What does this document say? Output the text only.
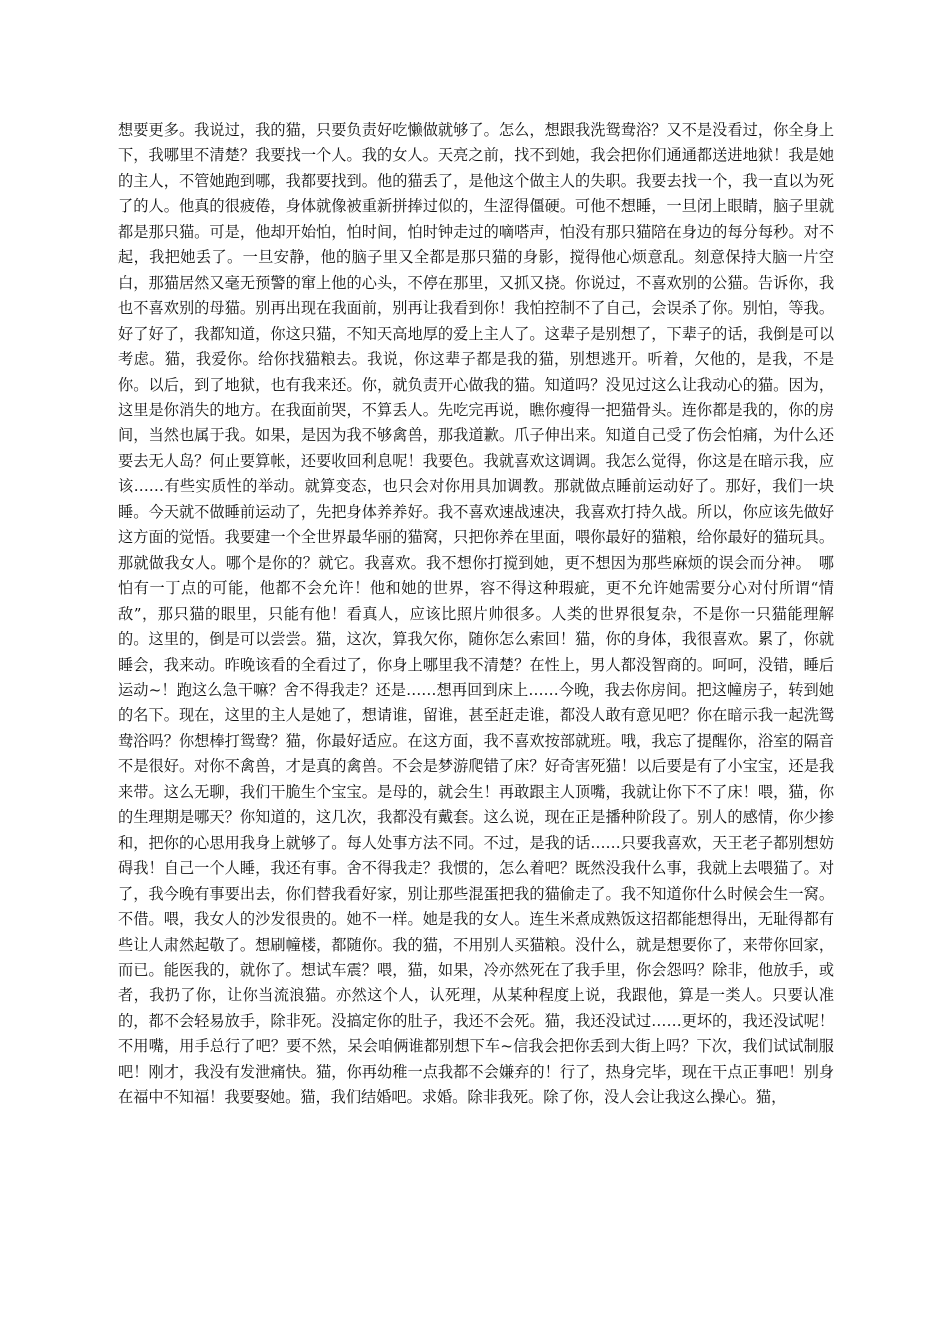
想要更多。我说过，我的猫，只要负责好吃懒做就够了。怎么，想跟我洗鸳鸯浴？又不是没看过，你全身上下，我哪里不清楚？我要找一个人。我的女人。天亮之前，找不到她，我会把你们通通都送进地狱！我是她的主人，不管她跑到哪，我都要找到。他的猫丢了，是他这个做主人的失职。我要去找一个，我一直以为死了的人。他真的很疲倦，身体就像被重新拼捧过似的，生涩得僵硬。可他不想睡，一旦闭上眼睛，脑子里就都是那只猫。可是，他却开始怕，怕时间，怕时钟走过的嘀嗒声，怕没有那只猫陪在身边的每分每秒。对不起，我把她丢了。一旦安静，他的脑子里又全都是那只猫的身影，搅得他心烦意乱。刻意保持大脑一片空白，那猫居然又毫无预警的窜上他的心头，不停在那里，又抓又挠。你说过，不喜欢别的公猫。告诉你，我也不喜欢别的母猫。别再出现在我面前，别再让我看到你！我怕控制不了自己，会误杀了你。别怕，等我。好了好了，我都知道，你这只猫，不知天高地厚的爱上主人了。这辈子是别想了，下辈子的话，我倒是可以考虑。猫，我爱你。给你找猫粮去。我说，你这辈子都是我的猫，别想逃开。听着，欠他的，是我，不是你。以后，到了地狱，也有我来还。你，就负责开心做我的猫。知道吗？没见过这么让我动心的猫。因为，这里是你消失的地方。在我面前哭，不算丢人。先吃完再说，瞧你瘦得一把猫骨头。连你都是我的，你的房间，当然也属于我。如果，是因为我不够禽兽，那我道歉。爪子伸出来。知道自己受了伤会怕痛，为什么还要去无人岛？何止要算帐，还要收回利息呢！我要色。我就喜欢这调调。我怎么觉得，你这是在暗示我，应该……有些实质性的举动。就算变态，也只会对你用具加调教。那就做点睡前运动好了。那好，我们一块睡。今天就不做睡前运动了，先把身体养养好。我不喜欢速战速决，我喜欢打持久战。所以，你应该先做好这方面的觉悟。我要建一个全世界最华丽的猫窝，只把你养在里面，喂你最好的猫粮，给你最好的猫玩具。那就做我女人。哪个是你的？就它。我喜欢。我不想你打搅到她，更不想因为那些麻烦的误会而分神。　哪怕有一丁点的可能，他都不会允许！他和她的世界，容不得这种瑕疵，更不允许她需要分心对付所谓“情敌”，那只猫的眼里，只能有他！看真人，应该比照片帅很多。人类的世界很复杂，不是你一只猫能理解的。这里的，倒是可以尝尝。猫，这次，算我欠你，随你怎么索回！猫，你的身体，我很喜欢。累了，你就睡会，我来动。昨晚该看的全看过了，你身上哪里我不清楚？在性上，男人都没智商的。呵呵，没错，睡后运动~！跑这么急干嘛？舍不得我走？还是……想再回到床上……今晚，我去你房间。把这幢房子，转到她的名下。现在，这里的主人是她了，想请谁，留谁，甚至赶走谁，都没人敢有意见吧？你在暗示我一起洗鸳鸯浴吗？你想棒打鸳鸯？猫，你最好适应。在这方面，我不喜欢按部就班。哦，我忘了提醒你，浴室的隔音不是很好。对你不禽兽，才是真的禽兽。不会是梦游爬错了床？好奇害死猫！以后要是有了小宝宝，还是我来带。这么无聊，我们干脆生个宝宝。是母的，就会生！再敢跟主人顶嘴，我就让你下不了床！喂，猫，你的生理期是哪天？你知道的，这几次，我都没有戴套。这么说，现在正是播种阶段了。别人的感情，你少掺和，把你的心思用我身上就够了。每人处事方法不同。不过，是我的话……只要我喜欢，天王老子都别想妨碍我！自己一个人睡，我还有事。舍不得我走？我惯的，怎么着吧？既然没我什么事，我就上去喂猫了。对了，我今晚有事要出去，你们替我看好家，别让那些混蛋把我的猫偷走了。我不知道你什么时候会生一窝。不借。喂，我女人的沙发很贵的。她不一样。她是我的女人。连生米煮成熟饭这招都能想得出，无耻得都有些让人肃然起敬了。想刷幢楼，都随你。我的猫，不用别人买猫粮。没什么，就是想要你了，来带你回家，而已。能医我的，就你了。想试车震？喂，猫，如果，冷亦然死在了我手里，你会怨吗？除非，他放手，或者，我扔了你，让你当流浪猫。亦然这个人，认死理，从某种程度上说，我跟他，算是一类人。只要认准的，都不会轻易放手，除非死。没搞定你的肚子，我还不会死。猫，我还没试过……更坏的，我还没试呢！不用嘴，用手总行了吧？要不然，呆会咱俩谁都别想下车~信我会把你丢到大街上吗？下次，我们试试制服吧！刚才，我没有发泄痛快。猫，你再幼稚一点我都不会嫌弃的！行了，热身完毕，现在干点正事吧！别身在福中不知福！我要娶她。猫，我们结婚吧。求婚。除非我死。除了你，没人会让我这么操心。猫，
